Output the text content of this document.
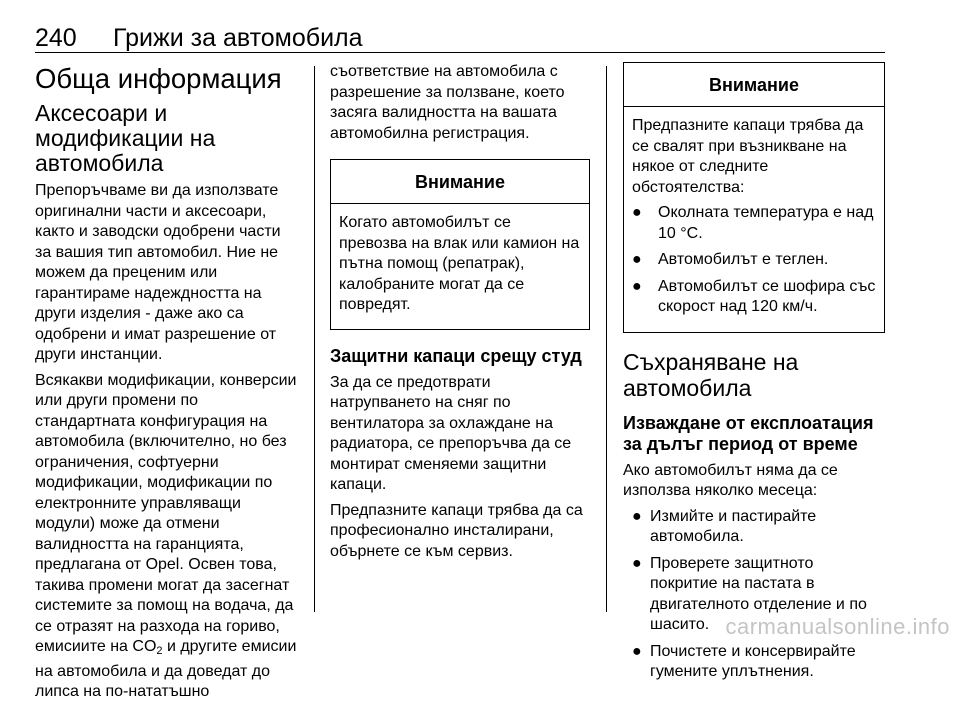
240 Грижи за автомобила
Обща информация
Аксесоари и модификации на автомобила

Препоръчваме ви да използвате оригинални части и аксесоари, както и заводски одобрени части за вашия тип автомобил. Ние не можем да преценим или гарантираме надеждността на други изделия - даже ако са одобрени и имат разрешение от други инстанции.

Всякакви модификации, конверсии или други промени по стандартната конфигурация на автомобила (включително, но без ограничения, софтуерни модификации, модификации по електронните управляващи модули) може да отмени валидността на гаранцията, предлагана от Opel. Освен това, такива промени могат да засегнат системите за помощ на водача, да се отразят на разхода на гориво, емисиите на $CO_2$ и другите емисии на автомобила и да доведат до липса на по-нататъшно

съответствие на автомобила с разрешение за ползване, което засяга валидността на вашата автомобилна регистрация.

Внимание

Когато автомобилът се превозва на влак или камион на пътна помощ (репатрак), калобраните могат да се повредят.

Защитни капаци срещу студ

За да се предотврати натрупването на сняг по вентилатора за охлаждане на радиатора, се препоръчва да се монтират сменяеми защитни капаци.

Предпазните капаци трябва да са професионално инсталирани, обърнете се към сервиз.

Внимание

Предпазните капаци трябва да се свалят при възникване на някое от следните обстоятелства:

● Околната температура е над 10 °C.
● Автомобилът е теглен.
● Автомобилът се шофира със скорост над 120 км/ч.
Съхраняване на автомобила
Изваждане от експлоатация за дълъг период от време

Ако автомобилът няма да се използва няколко месеца:

● Измийте и пастирайте автомобила.
● Проверете защитното покритие на пастата в двигателното отделение и по шасито.
● Почистете и консервирайте гумените уплътнения.
carmanualsonline.info
